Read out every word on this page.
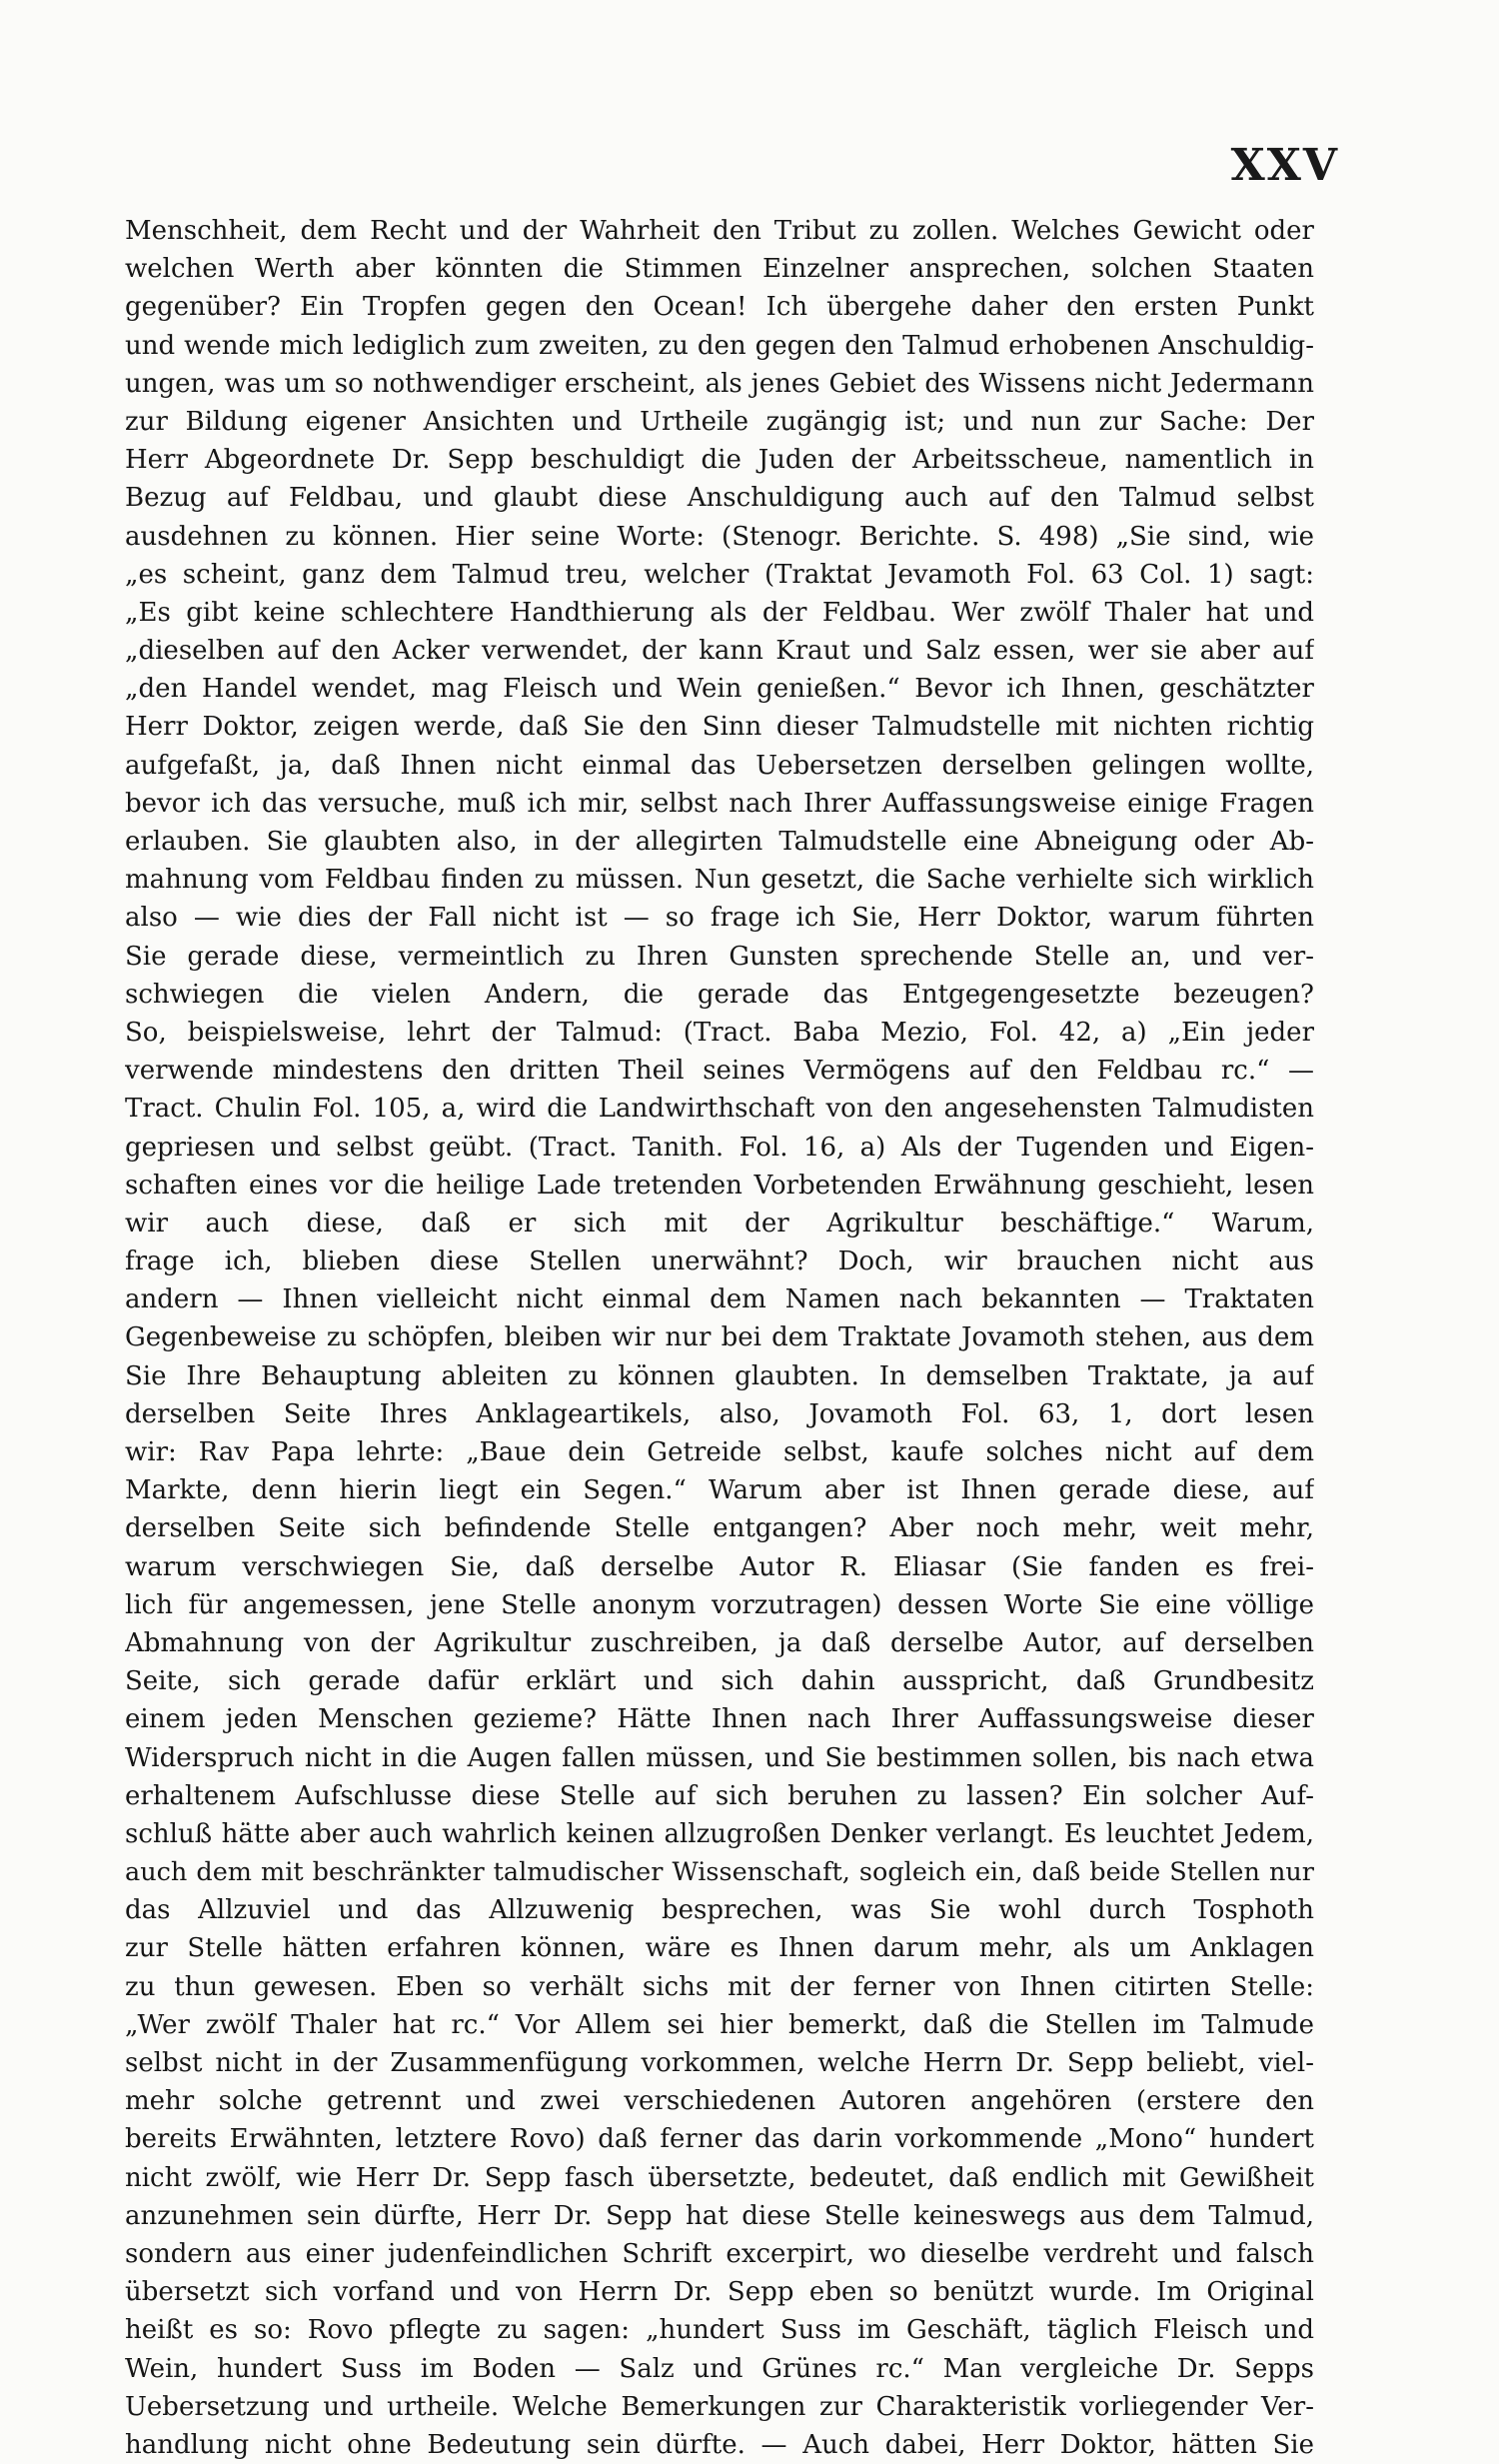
XXV
Menschheit, dem Recht und der Wahrheit den Tribut zu zollen. Welches Gewicht oder
welchen Werth aber könnten die Stimmen Einzelner ansprechen, solchen Staaten
gegenüber? Ein Tropfen gegen den Ocean! Ich übergehe daher den ersten Punkt
und wende mich lediglich zum zweiten, zu den gegen den Talmud erhobenen Anschuldig-
ungen, was um so nothwendiger erscheint, als jenes Gebiet des Wissens nicht Jedermann
zur Bildung eigener Ansichten und Urtheile zugängig ist; und nun zur Sache: Der
Herr Abgeordnete Dr. Sepp beschuldigt die Juden der Arbeitsscheue, namentlich in
Bezug auf Feldbau, und glaubt diese Anschuldigung auch auf den Talmud selbst
ausdehnen zu können. Hier seine Worte: (Stenogr. Berichte. S. 498) „Sie sind, wie
„es scheint, ganz dem Talmud treu, welcher (Traktat Jevamoth Fol. 63 Col. 1) sagt:
„Es gibt keine schlechtere Handthierung als der Feldbau. Wer zwölf Thaler hat und
„dieselben auf den Acker verwendet, der kann Kraut und Salz essen, wer sie aber auf
„den Handel wendet, mag Fleisch und Wein genießen.“ Bevor ich Ihnen, geschätzter
Herr Doktor, zeigen werde, daß Sie den Sinn dieser Talmudstelle mit nichten richtig
aufgefaßt, ja, daß Ihnen nicht einmal das Uebersetzen derselben gelingen wollte,
bevor ich das versuche, muß ich mir, selbst nach Ihrer Auffassungsweise einige Fragen
erlauben. Sie glaubten also, in der allegirten Talmudstelle eine Abneigung oder Ab-
mahnung vom Feldbau finden zu müssen. Nun gesetzt, die Sache verhielte sich wirklich
also — wie dies der Fall nicht ist — so frage ich Sie, Herr Doktor, warum führten
Sie gerade diese, vermeintlich zu Ihren Gunsten sprechende Stelle an, und ver-
schwiegen die vielen Andern, die gerade das Entgegengesetzte bezeugen?
So, beispielsweise, lehrt der Talmud: (Tract. Baba Mezio, Fol. 42, a) „Ein jeder
verwende mindestens den dritten Theil seines Vermögens auf den Feldbau rc.“ —
Tract. Chulin Fol. 105, a, wird die Landwirthschaft von den angesehensten Talmudisten
gepriesen und selbst geübt. (Tract. Tanith. Fol. 16, a) Als der Tugenden und Eigen-
schaften eines vor die heilige Lade tretenden Vorbetenden Erwähnung geschieht, lesen
wir auch diese, daß er sich mit der Agrikultur beschäftige.“ Warum,
frage ich, blieben diese Stellen unerwähnt? Doch, wir brauchen nicht aus
andern — Ihnen vielleicht nicht einmal dem Namen nach bekannten — Traktaten
Gegenbeweise zu schöpfen, bleiben wir nur bei dem Traktate Jovamoth stehen, aus dem
Sie Ihre Behauptung ableiten zu können glaubten. In demselben Traktate, ja auf
derselben Seite Ihres Anklageartikels, also, Jovamoth Fol. 63, 1, dort lesen
wir: Rav Papa lehrte: „Baue dein Getreide selbst, kaufe solches nicht auf dem
Markte, denn hierin liegt ein Segen.“ Warum aber ist Ihnen gerade diese, auf
derselben Seite sich befindende Stelle entgangen? Aber noch mehr, weit mehr,
warum verschwiegen Sie, daß derselbe Autor R. Eliasar (Sie fanden es frei-
lich für angemessen, jene Stelle anonym vorzutragen) dessen Worte Sie eine völlige
Abmahnung von der Agrikultur zuschreiben, ja daß derselbe Autor, auf derselben
Seite, sich gerade dafür erklärt und sich dahin ausspricht, daß Grundbesitz
einem jeden Menschen gezieme? Hätte Ihnen nach Ihrer Auffassungsweise dieser
Widerspruch nicht in die Augen fallen müssen, und Sie bestimmen sollen, bis nach etwa
erhaltenem Aufschlusse diese Stelle auf sich beruhen zu lassen? Ein solcher Auf-
schluß hätte aber auch wahrlich keinen allzugroßen Denker verlangt. Es leuchtet Jedem,
auch dem mit beschränkter talmudischer Wissenschaft, sogleich ein, daß beide Stellen nur
das Allzuviel und das Allzuwenig besprechen, was Sie wohl durch Tosphoth
zur Stelle hätten erfahren können, wäre es Ihnen darum mehr, als um Anklagen
zu thun gewesen. Eben so verhält sichs mit der ferner von Ihnen citirten Stelle:
„Wer zwölf Thaler hat rc.“ Vor Allem sei hier bemerkt, daß die Stellen im Talmude
selbst nicht in der Zusammenfügung vorkommen, welche Herrn Dr. Sepp beliebt, viel-
mehr solche getrennt und zwei verschiedenen Autoren angehören (erstere den
bereits Erwähnten, letztere Rovo) daß ferner das darin vorkommende „Mono“ hundert
nicht zwölf, wie Herr Dr. Sepp fasch übersetzte, bedeutet, daß endlich mit Gewißheit
anzunehmen sein dürfte, Herr Dr. Sepp hat diese Stelle keineswegs aus dem Talmud,
sondern aus einer judenfeindlichen Schrift excerpirt, wo dieselbe verdreht und falsch
übersetzt sich vorfand und von Herrn Dr. Sepp eben so benützt wurde. Im Original
heißt es so: Rovo pflegte zu sagen: „hundert Suss im Geschäft, täglich Fleisch und
Wein, hundert Suss im Boden — Salz und Grünes rc.“ Man vergleiche Dr. Sepps
Uebersetzung und urtheile. Welche Bemerkungen zur Charakteristik vorliegender Ver-
handlung nicht ohne Bedeutung sein dürfte. — Auch dabei, Herr Doktor, hätten Sie
